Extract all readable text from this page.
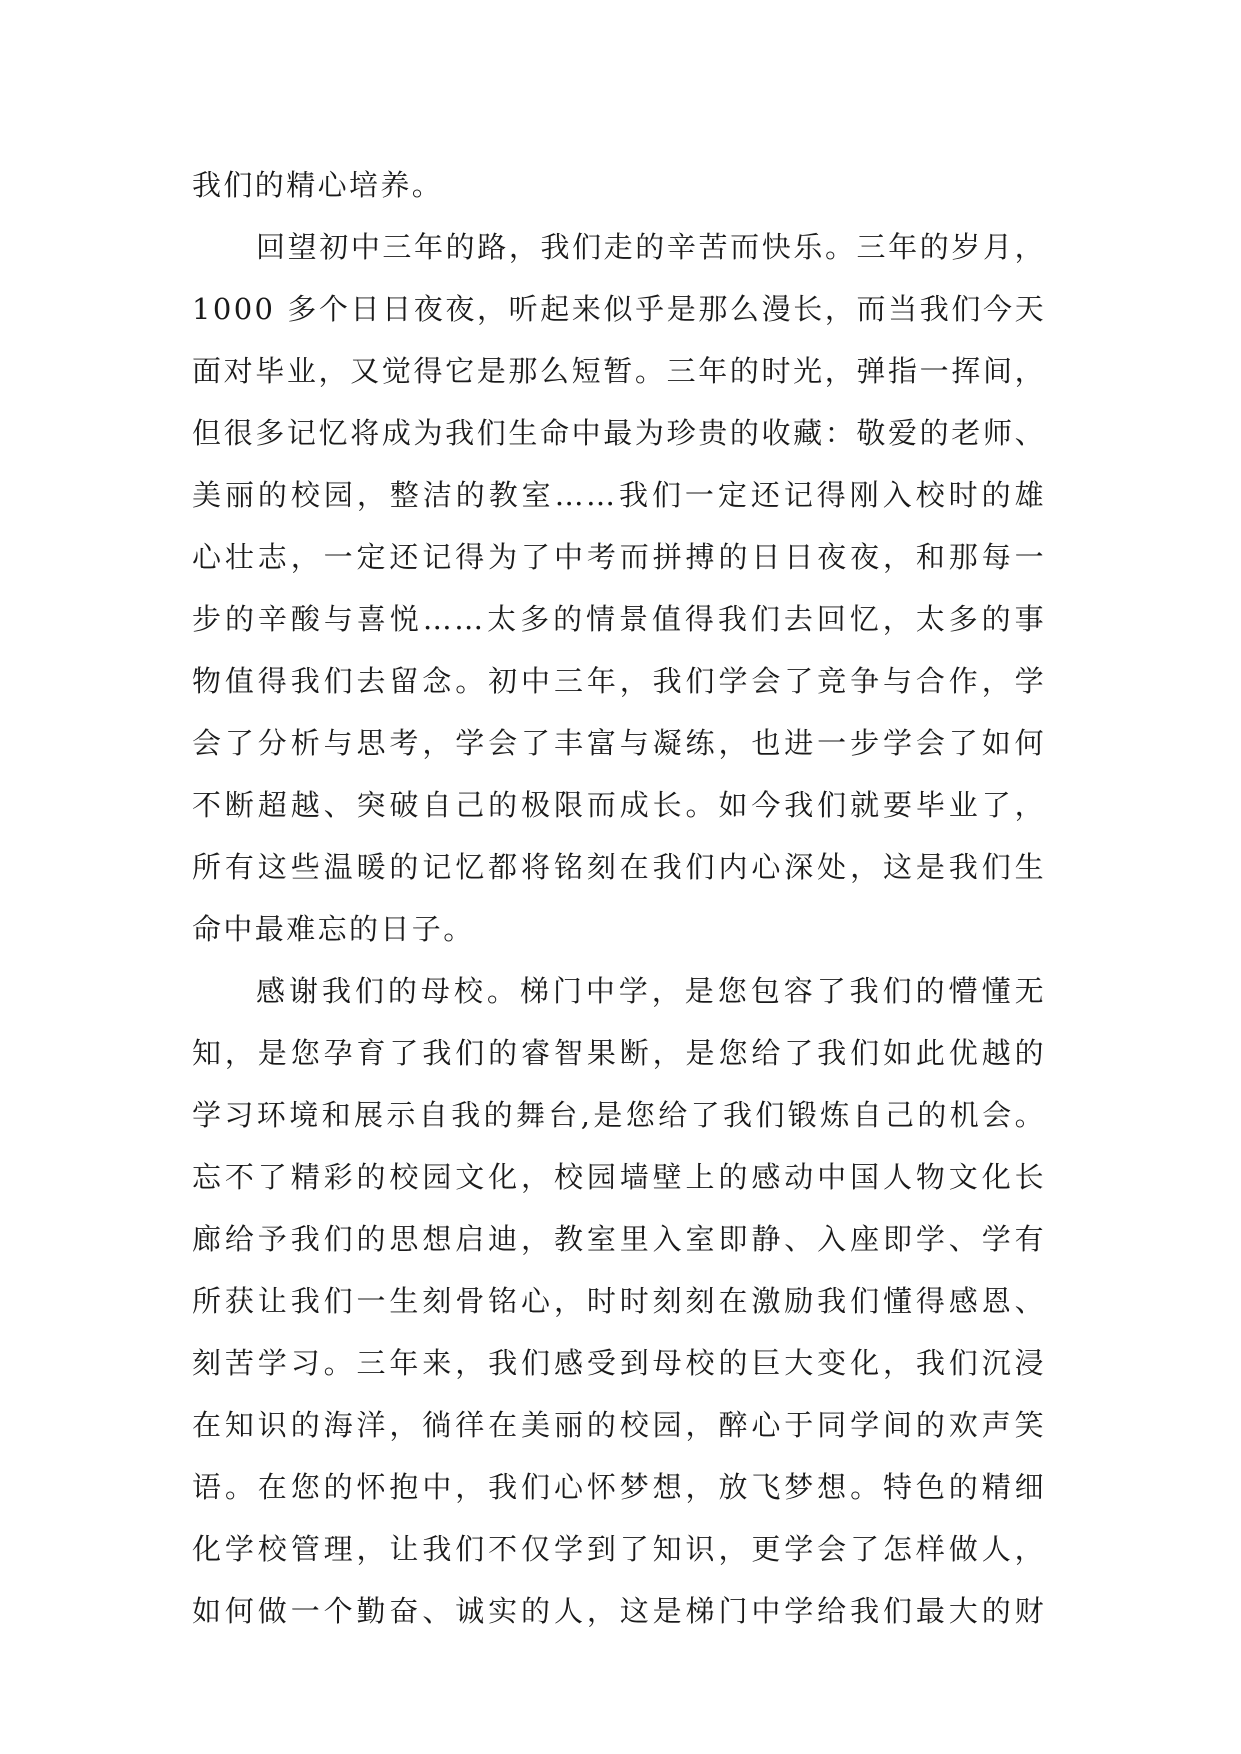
我们的精心培养。
回望初中三年的路，我们走的辛苦而快乐。三年的岁月，
1000 多个日日夜夜，听起来似乎是那么漫长，而当我们今天
面对毕业，又觉得它是那么短暂。三年的时光，弹指一挥间，
但很多记忆将成为我们生命中最为珍贵的收藏：敬爱的老师、
美丽的校园，整洁的教室……我们一定还记得刚入校时的雄
心壮志，一定还记得为了中考而拼搏的日日夜夜，和那每一
步的辛酸与喜悦……太多的情景值得我们去回忆，太多的事
物值得我们去留念。初中三年，我们学会了竞争与合作，学
会了分析与思考，学会了丰富与凝练，也进一步学会了如何
不断超越、突破自己的极限而成长。如今我们就要毕业了，
所有这些温暖的记忆都将铭刻在我们内心深处，这是我们生
命中最难忘的日子。
感谢我们的母校。梯门中学，是您包容了我们的懵懂无
知，是您孕育了我们的睿智果断，是您给了我们如此优越的
学习环境和展示自我的舞台,是您给了我们锻炼自己的机会。
忘不了精彩的校园文化，校园墙壁上的感动中国人物文化长
廊给予我们的思想启迪，教室里入室即静、入座即学、学有
所获让我们一生刻骨铭心，时时刻刻在激励我们懂得感恩、
刻苦学习。三年来，我们感受到母校的巨大变化，我们沉浸
在知识的海洋，徜徉在美丽的校园，醉心于同学间的欢声笑
语。在您的怀抱中，我们心怀梦想，放飞梦想。特色的精细
化学校管理，让我们不仅学到了知识，更学会了怎样做人，
如何做一个勤奋、诚实的人，这是梯门中学给我们最大的财
